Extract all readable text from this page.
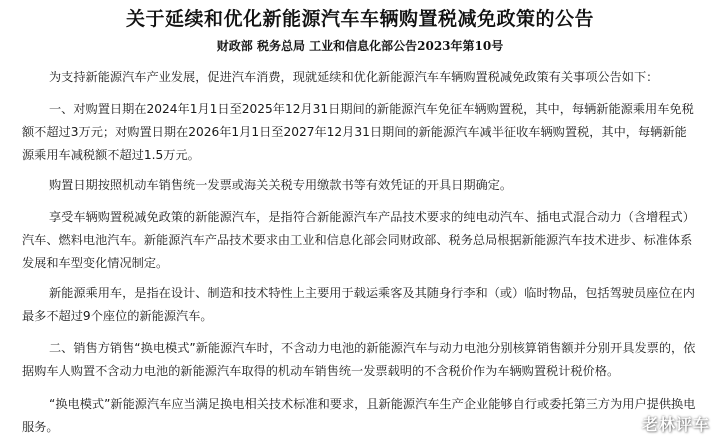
关于延续和优化新能源汽车车辆购置税减免政策的公告
财政部 税务总局 工业和信息化部公告2023年第10号

为支持新能源汽车产业发展，促进汽车消费，现就延续和优化新能源汽车车辆购置税减免政策有关事项公告如下：

一、对购置日期在2024年1月1日至2025年12月31日期间的新能源汽车免征车辆购置税，其中，每辆新能源乘用车免税额不超过3万元；对购置日期在2026年1月1日至2027年12月31日期间的新能源汽车减半征收车辆购置税，其中，每辆新能源乘用车减税额不超过1.5万元。

购置日期按照机动车销售统一发票或海关关税专用缴款书等有效凭证的开具日期确定。

享受车辆购置税减免政策的新能源汽车，是指符合新能源汽车产品技术要求的纯电动汽车、插电式混合动力（含增程式）汽车、燃料电池汽车。新能源汽车产品技术要求由工业和信息化部会同财政部、税务总局根据新能源汽车技术进步、标准体系发展和车型变化情况制定。

新能源乘用车，是指在设计、制造和技术特性上主要用于载运乘客及其随身行李和（或）临时物品，包括驾驶员座位在内最多不超过9个座位的新能源汽车。

二、销售方销售“换电模式”新能源汽车时，不含动力电池的新能源汽车与动力电池分别核算销售额并分别开具发票的，依据购车人购置不含动力电池的新能源汽车取得的机动车销售统一发票载明的不含税价作为车辆购置税计税价格。

“换电模式”新能源汽车应当满足换电相关技术标准和要求，且新能源汽车生产企业能够自行或委托第三方为用户提供换电服务。	老林评车
